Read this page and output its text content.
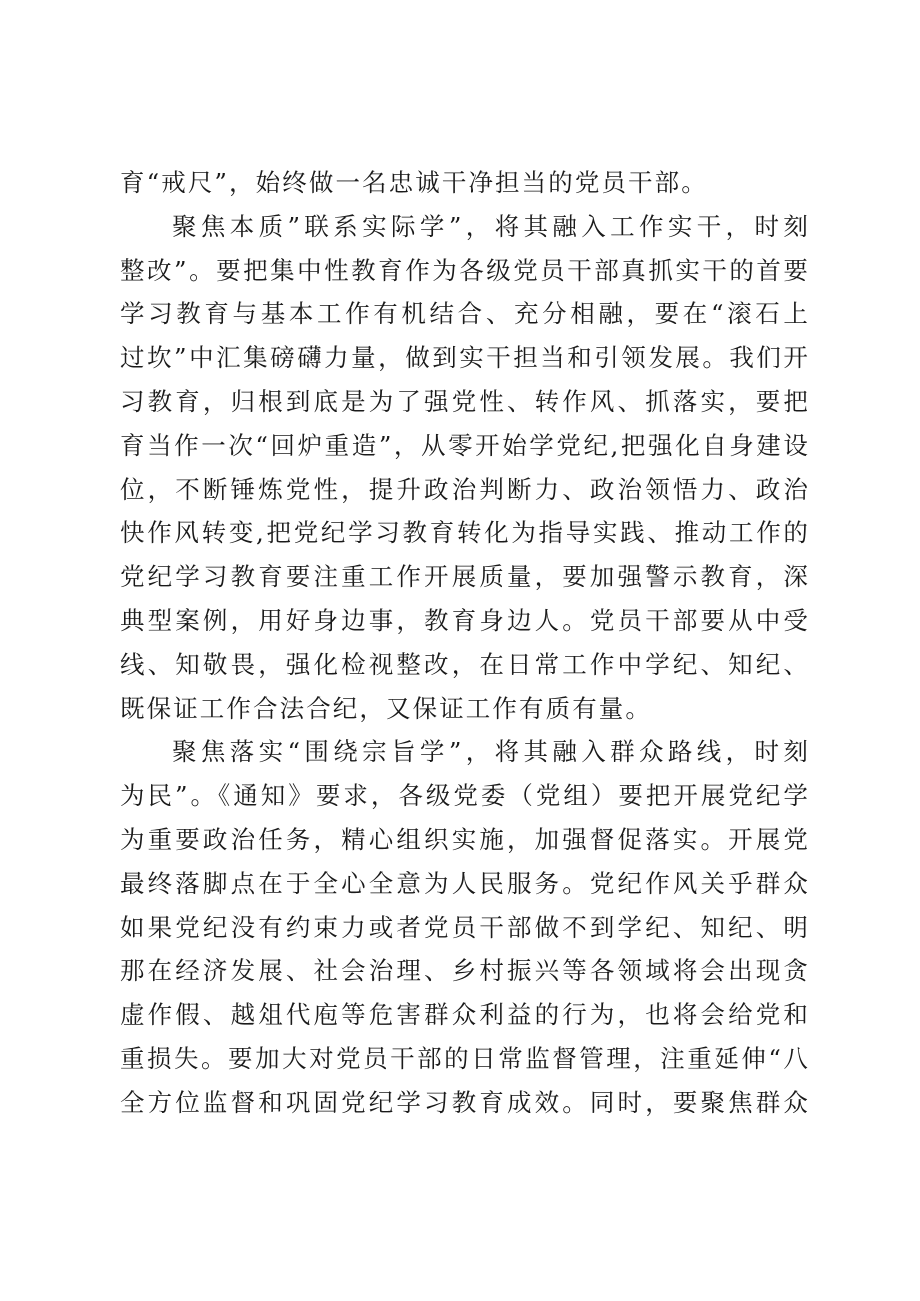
育“戒尺”，始终做一名忠诚干净担当的党员干部。
聚焦本质”联系实际学”，将其融入工作实干，时刻
整改”。要把集中性教育作为各级党员干部真抓实干的首要
学习教育与基本工作有机结合、充分相融，要在“滚石上
过坎”中汇集磅礴力量，做到实干担当和引领发展。我们开
习教育，归根到底是为了强党性、转作风、抓落实，要把
育当作一次“回炉重造”，从零开始学党纪,把强化自身建设
位，不断锤炼党性，提升政治判断力、政治领悟力、政治
快作风转变,把党纪学习教育转化为指导实践、推动工作的
党纪学习教育要注重工作开展质量，要加强警示教育，深
典型案例，用好身边事，教育身边人。党员干部要从中受
线、知敬畏，强化检视整改，在日常工作中学纪、知纪、
既保证工作合法合纪，又保证工作有质有量。
聚焦落实“围绕宗旨学”，将其融入群众路线，时刻
为民”。《通知》要求，各级党委（党组）要把开展党纪学
为重要政治任务，精心组织实施，加强督促落实。开展党
最终落脚点在于全心全意为人民服务。党纪作风关乎群众
如果党纪没有约束力或者党员干部做不到学纪、知纪、明
那在经济发展、社会治理、乡村振兴等各领域将会出现贪
虚作假、越俎代庖等危害群众利益的行为，也将会给党和
重损失。要加大对党员干部的日常监督管理，注重延伸“八
全方位监督和巩固党纪学习教育成效。同时，要聚焦群众
